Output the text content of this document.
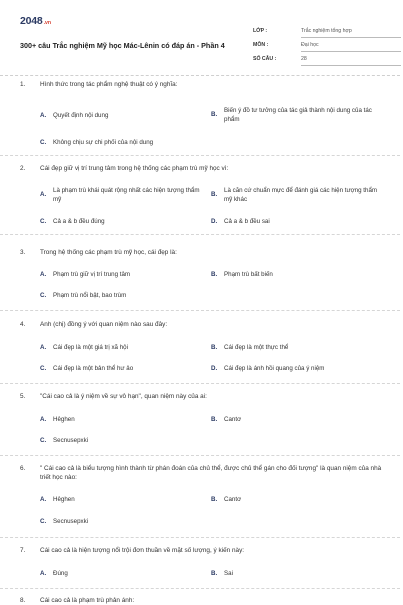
2048.vn
300+ câu Trắc nghiệm Mỹ học Mác-Lênin có đáp án - Phần 4
LỚP :	Trắc nghiệm tổng hợp
MÔN :	Đại học
SỐ CÂU :	28
1. Hình thức trong tác phẩm nghệ thuật có ý nghĩa:
A.	Quyết định nội dung	B.
Biến ý đồ tư tưởng của tác giả thành nội dung của tác phẩm
C.	Không chịu sự chi phối của nội dung
2. Cái đẹp giữ vị trí trung tâm trong hệ thống các phạm trù mỹ học vì:
A.
Là phạm trù khái quát rộng nhất các hiện tượng thẩm mỹ
B.
Là căn cứ chuẩn mực để đánh giá các hiện tượng thẩm mỹ khác
C.	Cả a & b đều đúng	D.	Cả a & b đều sai
3. Trong hệ thống các phạm trù mỹ học, cái đẹp là:
A.	Phạm trù giữ vị trí trung tâm	B.	Phạm trù bất biến
C.	Phạm trù nổi bật, bao trùm
4. Anh (chị) đồng ý với quan niệm nào sau đây:
A.	Cái đẹp là một giá trị xã hội	B.	Cái đẹp là một thực thể
C.	Cái đẹp là một bản thể hư ảo	D.	Cái đẹp là ánh hồi quang của ý niệm
5. "Cái cao cả là ý niệm về sự vô hạn", quan niệm này của ai:
A.	Hêghen	B.	Cantơ
C.	Secnusepxki
6. " Cái cao cả là biểu tượng hình thành từ phán đoán của chủ thể, được chủ thể gán cho đối tượng" là quan niệm của nhà triết học nào:
A.	Hêghen	B.	Cantơ
C.	Secnusepxki
7. Cái cao cả là hiện tượng nổi trội đơn thuần về mặt số lượng, ý kiến này:
A.	Đúng	B.	Sai
8. Cái cao cả là phạm trù phản ánh:
